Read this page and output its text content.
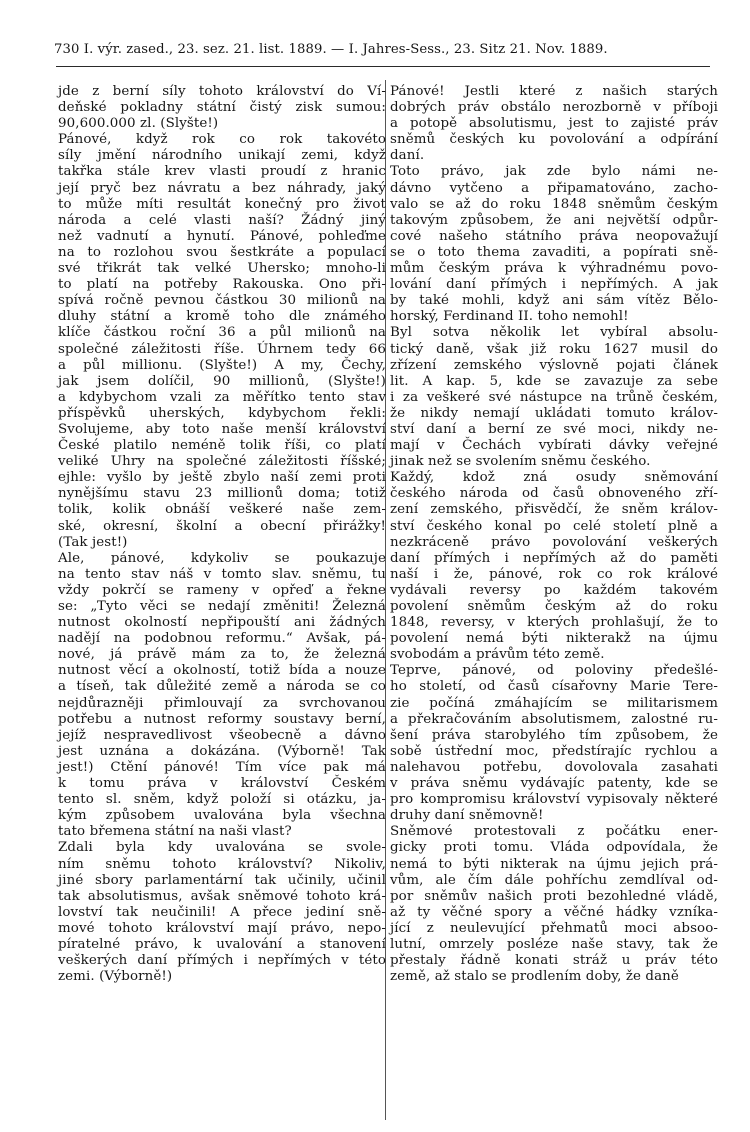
730 I. výr. zased., 23. sez. 21. list. 1889. — I. Jahres-Sess., 23. Sitz 21. Nov. 1889.
jde z berní síly tohoto království do Ví-
deňské pokladny státní čistý zisk sumou:
90,600.000 zl. (Slyšte!)
Pánové, když rok co rok takovéto
síly jmění národního unikají zemi, když
takřka stále krev vlasti proudí z hranic
její pryč bez návratu a bez náhrady, jaký
to může míti resultát konečný pro život
národa a celé vlasti naší? Žádný jiný
než vadnutí a hynutí. Pánové, pohleďme
na to rozlohou svou šestkráte a populací
své třikrát tak velké Uhersko; mnoho-li
to platí na potřeby Rakouska. Ono při-
spívá ročně pevnou částkou 30 milionů na
dluhy státní a kromě toho dle známého
klíče částkou roční 36 a půl milionů na
společné záležitosti říše. Úhrnem tedy 66
a půl millionu. (Slyšte!) A my, Čechy,
jak jsem dolíčil, 90 millionů, (Slyšte!)
a kdybychom vzali za měřítko tento stav
příspěvků uherských, kdybychom řekli:
Svolujeme, aby toto naše menší království
České platilo neméně tolik říši, co platí
veliké Uhry na společné záležitosti říšské;
ejhle: vyšlo by ještě zbylo naší zemi proti
nynějšímu stavu 23 millionů doma; totiž
tolik, kolik obnáší veškeré naše zem-
ské, okresní, školní a obecní přirážky!
(Tak jest!)
Ale, pánové, kdykoliv se poukazuje
na tento stav náš v tomto slav. sněmu, tu
vždy pokrčí se rameny v opřeď a řekne
se: „Tyto věci se nedají změniti! Železná
nutnost okolností nepřipouští ani žádných
nadějí na podobnou reformu.“ Avšak, pá-
nové, já právě mám za to, že železná
nutnost věcí a okolností, totiž bída a nouze
a tíseň, tak důležité země a národa se co
nejdůrazněji přimlouvají za svrchovanou
potřebu a nutnost reformy soustavy berní,
jejíž nespravedlivost všeobecně a dávno
jest uznána a dokázána. (Výborně! Tak
jest!) Ctění pánové! Tím více pak má
k tomu práva v království Českém
tento sl. sněm, když položí si otázku, ja-
kým způsobem uvalována byla všechna
tato břemena státní na naši vlast?
Zdali byla kdy uvalována se svole-
ním sněmu tohoto království? Nikoliv,
jiné sbory parlamentární tak učinily, učinil
tak absolutismus, avšak sněmové tohoto krá-
lovství tak neučinili! A přece jediní sně-
mové tohoto království mají právo, nepo-
píratelné právo, k uvalování a stanovení
veškerých daní přímých i nepřímých v této
zemi. (Výborně!)
Pánové! Jestli které z našich starých
dobrých práv obstálo nerozborně v příboji
a potopě absolutismu, jest to zajisté práv
sněmů českých ku povolování a odpírání
daní.
Toto právo, jak zde bylo námi ne-
dávno vytčeno a připamatováno, zacho-
valo se až do roku 1848 sněmům českým
takovým způsobem, že ani největší odpůr-
cové našeho státního práva neopovažují
se o toto thema zavaditi, a popírati sně-
mům českým práva k výhradnému povo-
lování daní přímých i nepřímých. A jak
by také mohli, když ani sám vítěz Bělo-
horský, Ferdinand II. toho nemohl!
Byl sotva několik let vybíral absolu-
tický daně, však již roku 1627 musil do
zřízení zemského výslovně pojati článek
lit. A kap. 5, kde se zavazuje za sebe
i za veškeré své nástupce na trůně českém,
že nikdy nemají ukládati tomuto králov-
ství daní a berní ze své moci, nikdy ne-
mají v Čechách vybírati dávky veřejné
jinak než se svolením sněmu českého.
Každý, kdož zná osudy sněmování
českého národa od časů obnoveného zří-
zení zemského, přisvědčí, že sněm králov-
ství českého konal po celé století plně a
nezkráceně právo povolování veškerých
daní přímých i nepřímých až do paměti
naší i že, pánové, rok co rok králové
vydávali reversy po každém takovém
povolení sněmům českým až do roku
1848, reversy, v kterých prohlašují, že to
povolení nemá býti nikterakž na újmu
svobodám a právům této země.
Teprve, pánové, od poloviny předešlé-
ho století, od časů císařovny Marie Tere-
zie počíná zmáhajícím se militarismem
a překračováním absolutismem, zalostné ru-
šení práva starobylého tím způsobem, že
sobě ústřední moc, předstírajíc rychlou a
nalehavou potřebu, dovolovala zasahati
v práva sněmu vydávajíc patenty, kde se
pro kompromisu království vypisovaly některé
druhy daní sněmovně!
Sněmové protestovali z počátku ener-
gicky proti tomu. Vláda odpovídala, že
nemá to býti nikterak na újmu jejich prá-
vům, ale čím dále pohříchu zemdlíval od-
por sněmův našich proti bezohledné vládě,
až ty věčné spory a věčné hádky vzníka-
jící z neulevující přehmatů moci absoo-
lutní, omrzely posléze naše stavy, tak že
přestaly řádně konati stráž u práv této
země, až stalo se prodlením doby, že daně
